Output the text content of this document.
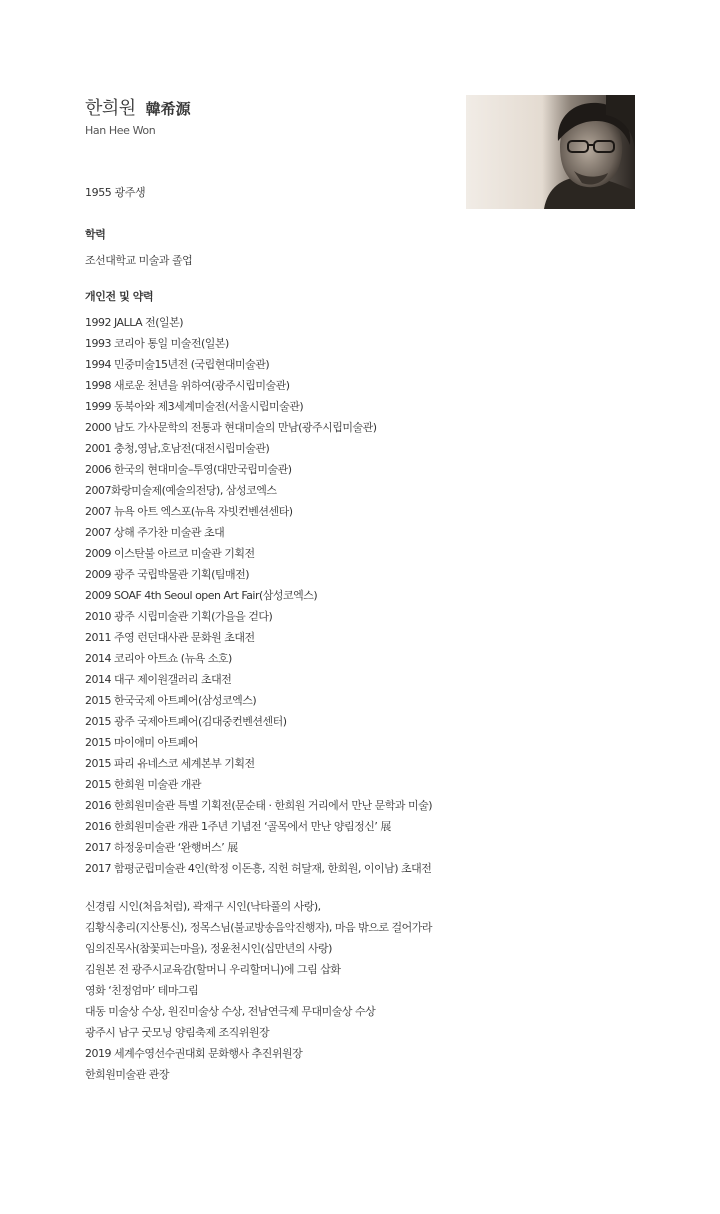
한희원 韓希源
Han Hee Won
1955 광주생
학력
조선대학교 미술과 졸업
개인전 및 약력
1992 JALLA 전(일본)
1993 코리아 통일 미술전(일본)
1994 민중미술15년전 (국립현대미술관)
1998 새로운 천년을 위하여(광주시립미술관)
1999 동북아와 제3세계미술전(서울시립미술관)
2000 남도 가사문학의 전통과 현대미술의 만남(광주시립미술관)
2001 충청,영남,호남전(대전시립미술관)
2006 한국의 현대미술–투영(대만국립미술관)
2007화랑미술제(예술의전당), 삼성코엑스
2007 뉴욕 아트 엑스포(뉴욕 자빗컨벤션센타)
2007 상해 주가찬 미술관 초대
2009 이스탄불 아르코 미술관 기획전
2009 광주 국립박물관 기획(팀매전)
2009 SOAF 4th Seoul open Art Fair(삼성코엑스)
2010 광주 시립미술관 기획(가을을 걷다)
2011 주영 런던대사관 문화원 초대전
2014 코리아 아트쇼 (뉴욕 소호)
2014 대구 제이원갤러리 초대전
2015 한국국제 아트페어(삼성코엑스)
2015 광주 국제아트페어(김대중컨벤션센터)
2015 마이애미 아트페어
2015 파리 유네스코 세계본부 기획전
2015 한희원 미술관 개관
2016 한희원미술관 특별 기획전(문순태 · 한희원 거리에서 만난 문학과 미술)
2016 한희원미술관 개관 1주년 기념전 ‘골목에서 만난 양림정신’ 展
2017 하정웅미술관 ‘완행버스’ 展
2017 함평군립미술관 4인(학정 이돈흥, 직헌 허달재, 한희원, 이이남) 초대전
신경림 시인(처음처럼), 곽재구 시인(낙타풀의 사랑),
김황식총리(지산통신), 정목스님(불교방송음악진행자), 마음 밖으로 걸어가라
임의진목사(참꽃피는마을), 정윤천시인(십만년의 사랑)
김원본 전 광주시교육감(할머니 우리할머니)에 그림 삽화
영화 ‘친정엄마’ 테마그림
대동 미술상 수상, 원진미술상 수상, 전남연극제 무대미술상 수상
광주시 남구 굿모닝 양림축제 조직위원장
2019 세계수영선수권대회 문화행사 추진위원장
한희원미술관 관장
